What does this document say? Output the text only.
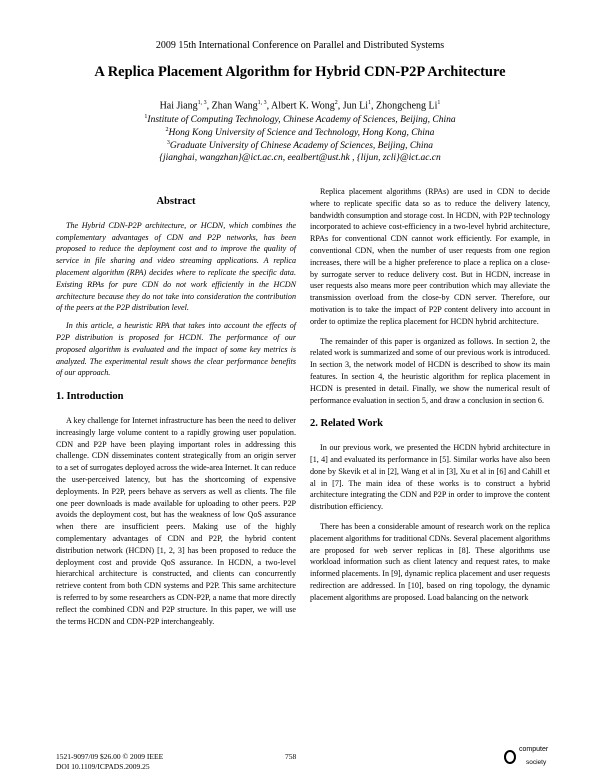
2009 15th International Conference on Parallel and Distributed Systems
A Replica Placement Algorithm for Hybrid CDN-P2P Architecture
Hai Jiang$^{1, 3}$, Zhan Wang$^{1, 3}$, Albert K. Wong$^2$, Jun Li$^1$, Zhongcheng Li$^1$
$^1$Institute of Computing Technology, Chinese Academy of Sciences, Beijing, China
$^2$Hong Kong University of Science and Technology, Hong Kong, China
$^3$Graduate University of Chinese Academy of Sciences, Beijing, China
{jianghai, wangzhan}@ict.ac.cn, eealbert@ust.hk , {lijun, zcli}@ict.ac.cn
Abstract

The Hybrid CDN-P2P architecture, or HCDN, which combines the complementary advantages of CDN and P2P networks, has been proposed to reduce the deployment cost and to improve the quality of service in file sharing and video streaming applications. A replica placement algorithm (RPA) decides where to replicate the specific data. Existing RPAs for pure CDN do not work efficiently in the HCDN architecture because they do not take into consideration the contribution of the peers at the P2P distribution level.

In this article, a heuristic RPA that takes into account the effects of P2P distribution is proposed for HCDN. The performance of our proposed algorithm is evaluated and the impact of some key metrics is analyzed. The experimental result shows the clear performance benefits of our approach.

1. Introduction

A key challenge for Internet infrastructure has been the need to deliver increasingly large volume content to a rapidly growing user population. CDN and P2P have been playing important roles in addressing this challenge. CDN disseminates content strategically from an origin server to a set of surrogates deployed across the wide-area Internet. It can reduce the user-perceived latency, but has the shortcoming of expensive deployments. In P2P, peers behave as servers as well as clients. The file one peer downloads is made available for uploading to other peers. P2P avoids the deployment cost, but has the weakness of low QoS assurance when there are insufficient peers. Making use of the highly complementary advantages of CDN and P2P, the hybrid content distribution network (HCDN) [1, 2, 3] has been proposed to reduce the deployment cost and provide QoS assurance. In HCDN, a two-level hierarchical architecture is constructed, and clients can concurrently retrieve content from both CDN systems and P2P. This same architecture is referred to by some researchers as CDN-P2P, a name that more directly reflect the combined CDN and P2P structure. In this paper, we will use the terms HCDN and CDN-P2P interchangeably.

Replica placement algorithms (RPAs) are used in CDN to decide where to replicate specific data so as to reduce the delivery latency, bandwidth consumption and storage cost. In HCDN, with P2P technology incorporated to achieve cost-efficiency in a two-level hybrid architecture, RPAs for conventional CDN cannot work efficiently. For example, in conventional CDN, when the number of user requests from one region increases, there will be a higher preference to place a replica on a close-by surrogate server to reduce delivery cost. But in HCDN, increase in user requests also means more peer contribution which may alleviate the transmission overload from the close-by CDN server. Therefore, our motivation is to take the impact of P2P content delivery into account in order to optimize the replica placement for HCDN hybrid architecture.

The remainder of this paper is organized as follows. In section 2, the related work is summarized and some of our previous work is introduced. In section 3, the network model of HCDN is described to show its main features. In section 4, the heuristic algorithm for replica placement in HCDN is presented in detail. Finally, we show the numerical result of performance evaluation in section 5, and draw a conclusion in section 6.

2. Related Work

In our previous work, we presented the HCDN hybrid architecture in [1, 4] and evaluated its performance in [5]. Similar works have also been done by Skevik et al in [2], Wang et al in [3], Xu et al in [6] and Cahill et al in [7]. The main idea of these works is to construct a hybrid architecture integrating the CDN and P2P in order to improve the content distribution efficiency.

There has been a considerable amount of research work on the replica placement algorithms for traditional CDNs. Several placement algorithms are proposed for web server replicas in [8]. These algorithms use workload information such as client latency and request rates, to make informed placements. In [9], dynamic replica placement and user requests redirection are addressed. In [10], based on ring topology, the dynamic placement algorithms are proposed. Load balancing on the network

1521-9097/09 $26.00 © 2009 IEEE
DOI 10.1109/ICPADS.2009.25
758
computer
society
